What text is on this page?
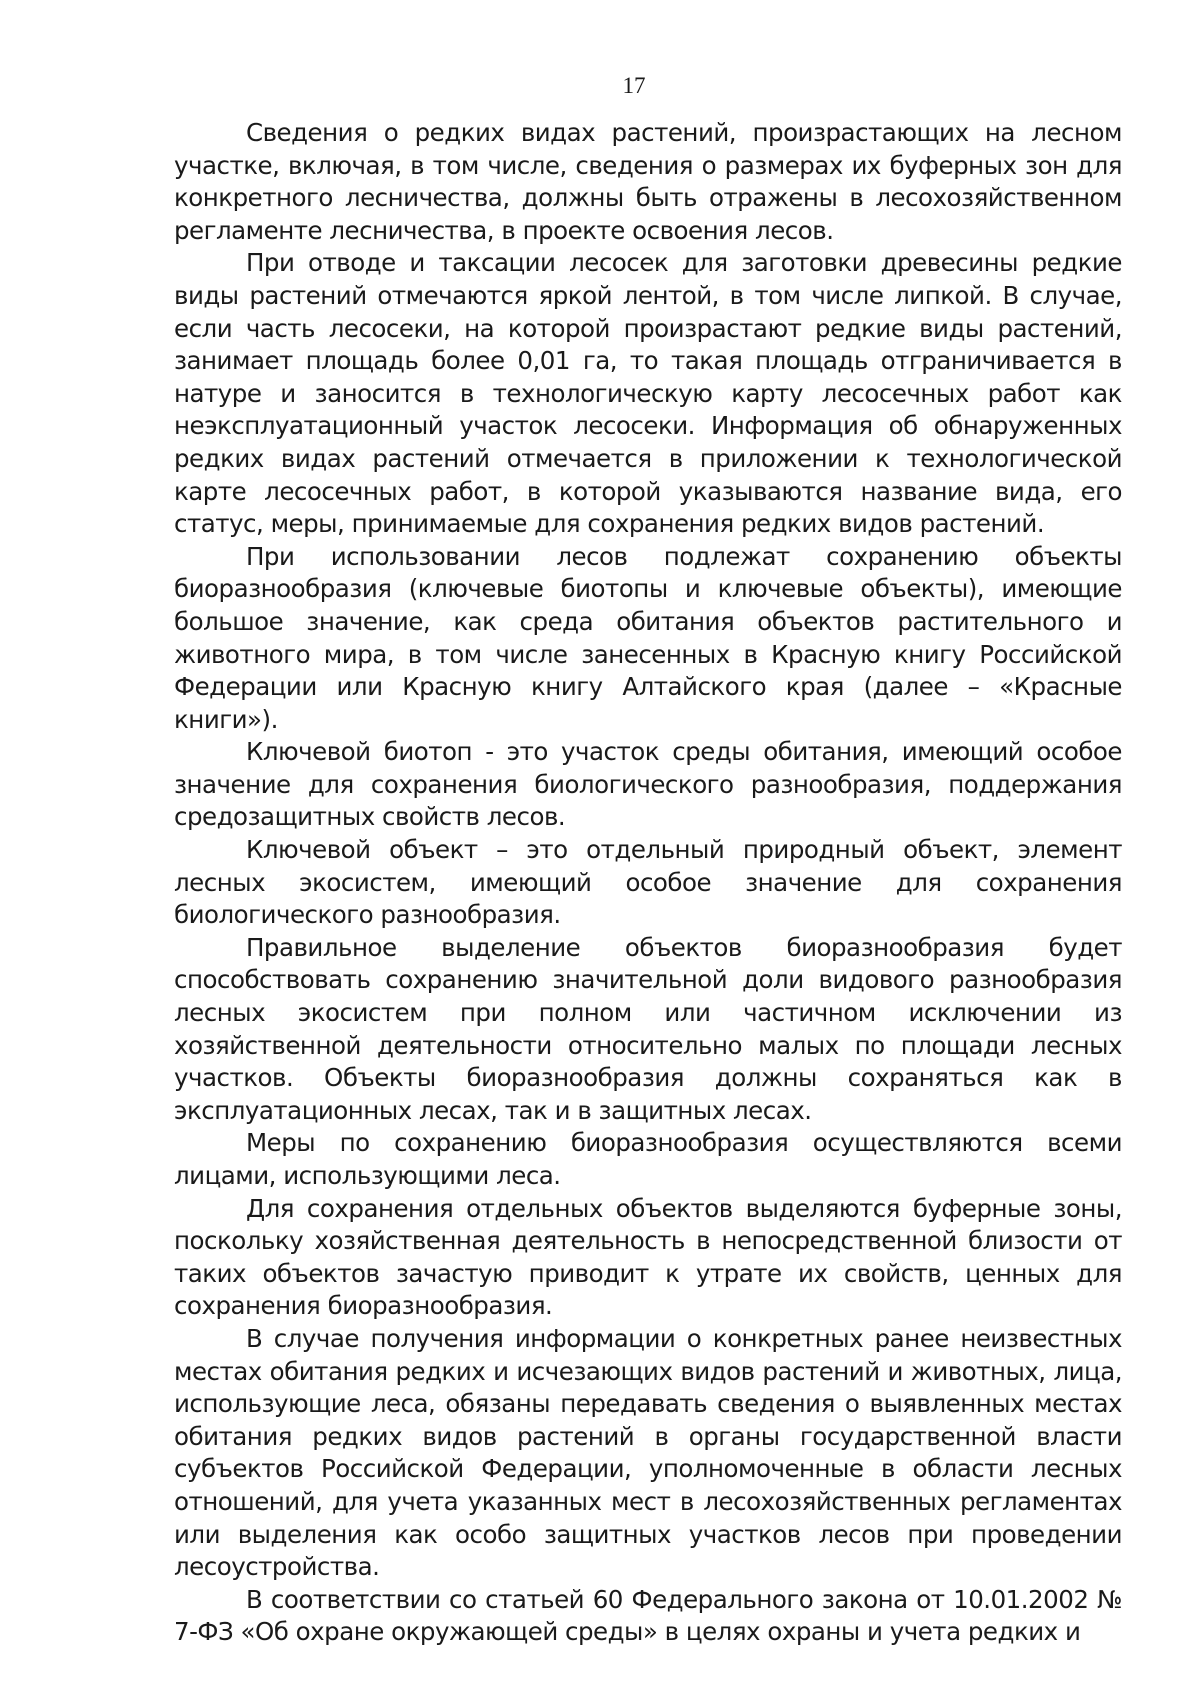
17

Сведения о редких видах растений, произрастающих на лесном участке, включая, в том числе, сведения о размерах их буферных зон для конкретного лесничества, должны быть отражены в лесохозяйственном регламенте лесничества, в проекте освоения лесов.

При отводе и таксации лесосек для заготовки древесины редкие виды растений отмечаются яркой лентой, в том числе липкой. В случае, если часть лесосеки, на которой произрастают редкие виды растений, занимает площадь более 0,01 га, то такая площадь отграничивается в натуре и заносится в технологическую карту лесосечных работ как неэксплуатационный участок лесосеки. Информация об обнаруженных редких видах растений отмечается в приложении к технологической карте лесосечных работ, в которой указываются название вида, его статус, меры, принимаемые для сохранения редких видов растений.

При использовании лесов подлежат сохранению объекты биоразнообразия (ключевые биотопы и ключевые объекты), имеющие большое значение, как среда обитания объектов растительного и животного мира, в том числе занесенных в Красную книгу Российской Федерации или Красную книгу Алтайского края (далее – «Красные книги»).

Ключевой биотоп - это участок среды обитания, имеющий особое значение для сохранения биологического разнообразия, поддержания средозащитных свойств лесов.

Ключевой объект – это отдельный природный объект, элемент лесных экосистем, имеющий особое значение для сохранения биологического разнообразия.

Правильное выделение объектов биоразнообразия будет способствовать сохранению значительной доли видового разнообразия лесных экосистем при полном или частичном исключении из хозяйственной деятельности относительно малых по площади лесных участков. Объекты биоразнообразия должны сохраняться как в эксплуатационных лесах, так и в защитных лесах.

Меры по сохранению биоразнообразия осуществляются всеми лицами, использующими леса.

Для сохранения отдельных объектов выделяются буферные зоны, поскольку хозяйственная деятельность в непосредственной близости от таких объектов зачастую приводит к утрате их свойств, ценных для сохранения биоразнообразия.

В случае получения информации о конкретных ранее неизвестных местах обитания редких и исчезающих видов растений и животных, лица, использующие леса, обязаны передавать сведения о выявленных местах обитания редких видов растений в органы государственной власти субъектов Российской Федерации, уполномоченные в области лесных отношений, для учета указанных мест в лесохозяйственных регламентах или выделения как особо защитных участков лесов при проведении лесоустройства.

В соответствии со статьей 60 Федерального закона от 10.01.2002 № 7-ФЗ «Об охране окружающей среды» в целях охраны и учета редких и
